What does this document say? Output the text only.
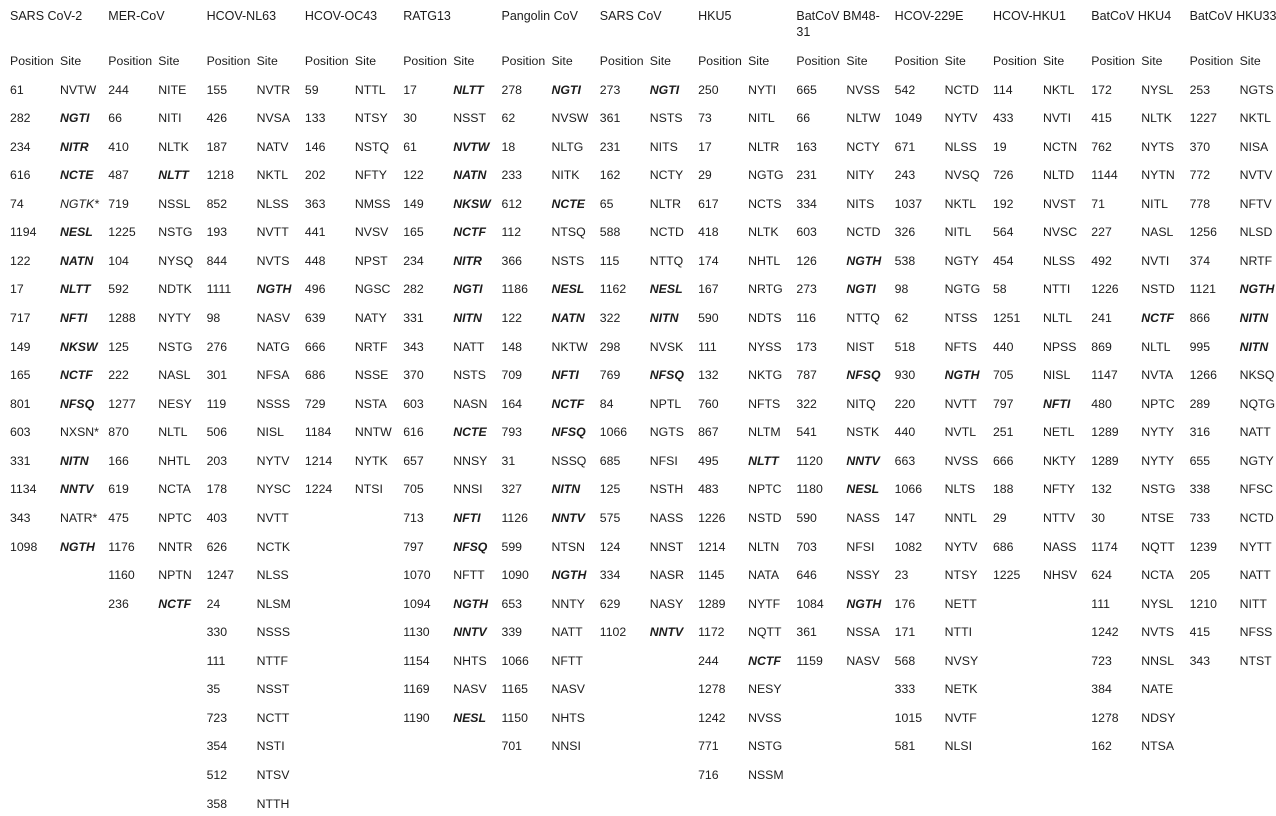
SARS CoV-2
Position Site
61	NVTW
282	NGTI
234	NITR
616	NCTE
74	NGTK*
1194	NESL
122	NATN
17	NLTT
717	NFTI
149	NKSW
165	NCTF
801	NFSQ
603	NXSN*
331	NITN
1134	NNTV
343	NATR*
1098	NGTH
MER-CoV
Position Site
244	NITE
66	NITI
410	NLTK
487	NLTT
719	NSSL
1225	NSTG
104	NYSQ
592	NDTK
1288	NYTY
125	NSTG
222	NASL
1277	NESY
870	NLTL
166	NHTL
619	NCTA
475	NPTC
1176	NNTR
1160	NPTN
236	NCTF
HCOV-NL63
Position Site
155	NVTR
426	NVSA
187	NATV
1218	NKTL
852	NLSS
193	NVTT
844	NVTS
1111	NGTH
98	NASV
276	NATG
301	NFSA
119	NSSS
506	NISL
203	NYTV
178	NYSC
403	NVTT
626	NCTK
1247	NLSS
24	NLSM
330	NSSS
111	NTTF
35	NSST
723	NCTT
354	NSTI
512	NTSV
358	NTTH
HCOV-OC43
Position Site
59	NTTL
133	NTSY
146	NSTQ
202	NFTY
363	NMSS
441	NVSV
448	NPST
496	NGSC
639	NATY
666	NRTF
686	NSSE
729	NSTA
1184	NNTW
1214	NYTK
1224	NTSI
RATG13
Position Site
17	NLTT
30	NSST
61	NVTW
122	NATN
149	NKSW
165	NCTF
234	NITR
282	NGTI
331	NITN
343	NATT
370	NSTS
603	NASN
616	NCTE
657	NNSY
705	NNSI
713	NFTI
797	NFSQ
1070	NFTT
1094	NGTH
1130	NNTV
1154	NHTS
1169	NASV
1190	NESL
Pangolin CoV
Position Site
278	NGTI
62	NVSW
18	NLTG
233	NITK
612	NCTE
112	NTSQ
366	NSTS
1186	NESL
122	NATN
148	NKTW
709	NFTI
164	NCTF
793	NFSQ
31	NSSQ
327	NITN
1126	NNTV
599	NTSN
1090	NGTH
653	NNTY
339	NATT
1066	NFTT
1165	NASV
1150	NHTS
701	NNSI
SARS CoV
Position Site
273	NGTI
361	NSTS
231	NITS
162	NCTY
65	NLTR
588	NCTD
115	NTTQ
1162	NESL
322	NITN
298	NVSK
769	NFSQ
84	NPTL
1066	NGTS
685	NFSI
125	NSTH
575	NASS
124	NNST
334	NASR
629	NASY
1102	NNTV
HKU5
Position Site
250	NYTI
73	NITL
17	NLTR
29	NGTG
617	NCTS
418	NLTK
174	NHTL
167	NRTG
590	NDTS
111	NYSS
132	NKTG
760	NFTS
867	NLTM
495	NLTT
483	NPTC
1226	NSTD
1214	NLTN
1145	NATA
1289	NYTF
1172	NQTT
244	NCTF
1278	NESY
1242	NVSS
771	NSTG
716	NSSM
BatCoV BM48-31
Position Site
665	NVSS
66	NLTW
163	NCTY
231	NITY
334	NITS
603	NCTD
126	NGTH
273	NGTI
116	NTTQ
173	NIST
787	NFSQ
322	NITQ
541	NSTK
1120	NNTV
1180	NESL
590	NASS
703	NFSI
646	NSSY
1084	NGTH
361	NSSA
1159	NASV
HCOV-229E
Position Site
542	NCTD
1049	NYTV
671	NLSS
243	NVSQ
1037	NKTL
326	NITL
538	NGTY
98	NGTG
62	NTSS
518	NFTS
930	NGTH
220	NVTT
440	NVTL
663	NVSS
1066	NLTS
147	NNTL
1082	NYTV
23	NTSY
176	NETT
171	NTTI
568	NVSY
333	NETK
1015	NVTF
581	NLSI
HCOV-HKU1
Position Site
114	NKTL
433	NVTI
19	NCTN
726	NLTD
192	NVST
564	NVSC
454	NLSS
58	NTTI
1251	NLTL
440	NPSS
705	NISL
797	NFTI
251	NETL
666	NKTY
188	NFTY
29	NTTV
686	NASS
1225	NHSV
BatCoV HKU4
Position Site
172	NYSL
415	NLTK
762	NYTS
1144	NYTN
71	NITL
227	NASL
492	NVTI
1226	NSTD
241	NCTF
869	NLTL
1147	NVTA
480	NPTC
1289	NYTY
1289	NYTY
132	NSTG
30	NTSE
1174	NQTT
624	NCTA
111	NYSL
1242	NVTS
723	NNSL
384	NATE
1278	NDSY
162	NTSA
BatCoV HKU33
Position Site
253	NGTS
1227	NKTL
370	NISA
772	NVTV
778	NFTV
1256	NLSD
374	NRTF
1121	NGTH
866	NITN
995	NITN
1266	NKSQ
289	NQTG
316	NATT
655	NGTY
338	NFSC
733	NCTD
1239	NYTT
205	NATT
1210	NITT
415	NFSS
343	NTST
